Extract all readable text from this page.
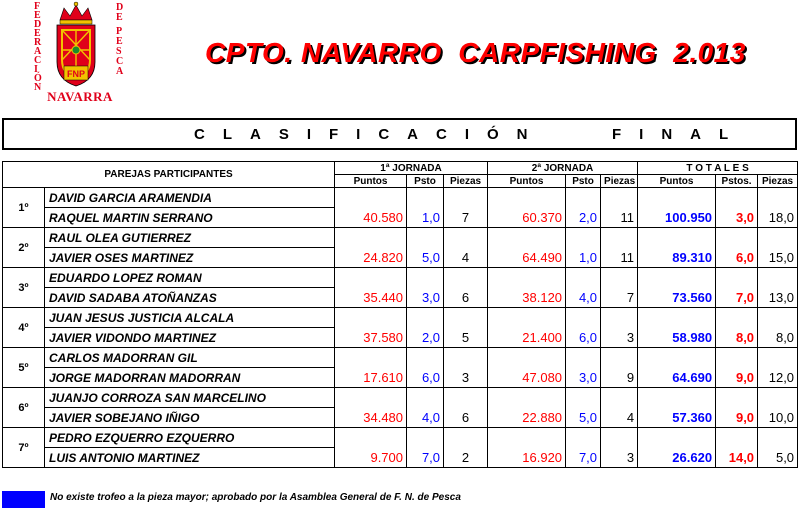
F E D E R A C I Ó N
D E P E S C A
FNP
NAVARRA
CPTO. NAVARRO  CARPFISHING  2.013
CLASIFICACIÓN   FINAL
PAREJAS PARTICIPANTES		1ª JORNADA			2ª JORNADA			T O T A L E S		
		Puntos	Psto	Piezas	Puntos	Psto	Piezas	Puntos	Pstos.	Piezas
1º	DAVID GARCIA ARAMENDIA									
	RAQUEL MARTIN SERRANO	40.580	1,0	7	60.370	2,0	11	100.950	3,0	18,0
2º	RAUL OLEA GUTIERREZ									
	JAVIER OSES MARTINEZ	24.820	5,0	4	64.490	1,0	11	89.310	6,0	15,0
3º	EDUARDO LOPEZ ROMAN									
	DAVID SADABA ATOÑANZAS	35.440	3,0	6	38.120	4,0	7	73.560	7,0	13,0
4º	JUAN JESUS JUSTICIA ALCALA									
	JAVIER VIDONDO MARTINEZ	37.580	2,0	5	21.400	6,0	3	58.980	8,0	8,0
5º	CARLOS MADORRAN GIL									
	JORGE MADORRAN MADORRAN	17.610	6,0	3	47.080	3,0	9	64.690	9,0	12,0
6º	JUANJO CORROZA SAN MARCELINO									
	JAVIER SOBEJANO IÑIGO	34.480	4,0	6	22.880	5,0	4	57.360	9,0	10,0
7º	PEDRO EZQUERRO EZQUERRO									
	LUIS ANTONIO MARTINEZ	9.700	7,0	2	16.920	7,0	3	26.620	14,0	5,0
No existe trofeo a la pieza mayor; aprobado por la Asamblea General de F. N. de Pesca
